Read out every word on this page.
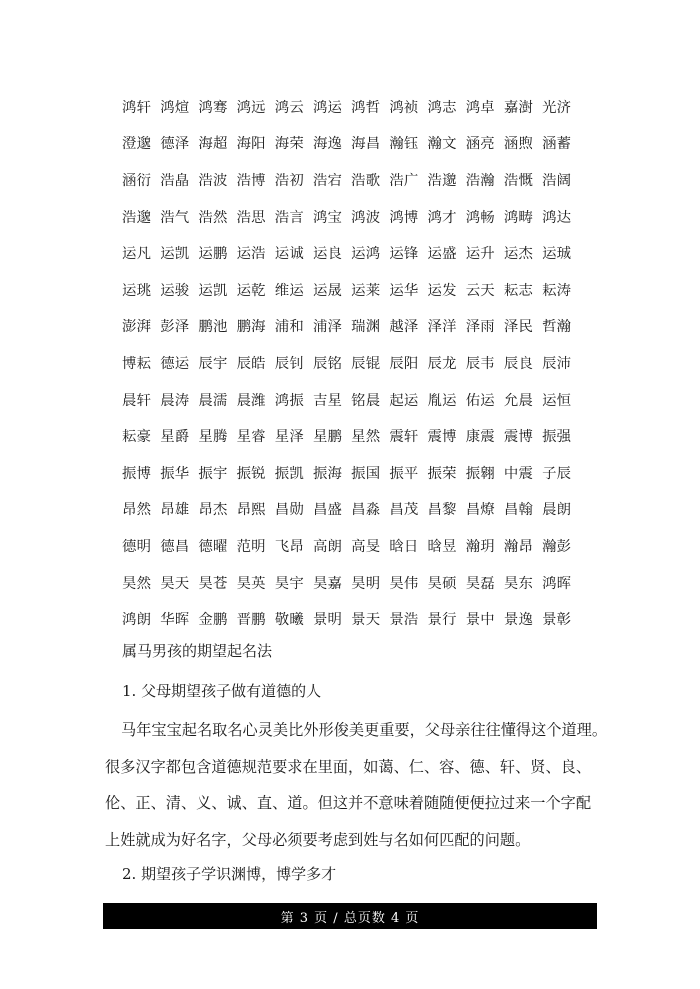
鸿轩 鸿煊 鸿骞 鸿远 鸿云 鸿运 鸿哲 鸿祯 鸿志 鸿卓 嘉澍 光济
澄邈 德泽 海超 海阳 海荣 海逸 海昌 瀚钰 瀚文 涵亮 涵煦 涵蓄
涵衍 浩皛 浩波 浩博 浩初 浩宕 浩歌 浩广 浩邈 浩瀚 浩慨 浩阔
浩邈 浩气 浩然 浩思 浩言 鸿宝 鸿波 鸿博 鸿才 鸿畅 鸿畴 鸿达
运凡 运凯 运鹏 运浩 运诚 运良 运鸿 运锋 运盛 运升 运杰 运珹
运珧 运骏 运凯 运乾 维运 运晟 运莱 运华 运发 云天 耘志 耘涛
澎湃 彭泽 鹏池 鹏海 浦和 浦泽 瑞渊 越泽 泽洋 泽雨 泽民 哲瀚
博耘 德运 辰宇 辰皓 辰钊 辰铭 辰锟 辰阳 辰龙 辰韦 辰良 辰沛
晨轩 晨涛 晨濡 晨潍 鸿振 吉星 铭晨 起运 胤运 佑运 允晨 运恒
耘豪 星爵 星腾 星睿 星泽 星鹏 星然 震轩 震博 康震 震博 振强
振博 振华 振宇 振锐 振凯 振海 振国 振平 振荣 振翱 中震 子辰
昂然 昂雄 昂杰 昂熙 昌勋 昌盛 昌淼 昌茂 昌黎 昌燎 昌翰 晨朗
德明 德昌 德曜 范明 飞昂 高朗 高旻 晗日 晗昱 瀚玥 瀚昂 瀚彭
昊然 昊天 昊苍 昊英 昊宇 昊嘉 昊明 昊伟 昊硕 昊磊 昊东 鸿晖
鸿朗 华晖 金鹏 晋鹏 敬曦 景明 景天 景浩 景行 景中 景逸 景彰
属马男孩的期望起名法
1. 父母期望孩子做有道德的人
马年宝宝起名取名心灵美比外形俊美更重要，父母亲往往懂得这个道理。
很多汉字都包含道德规范要求在里面，如蔼、仁、容、德、轩、贤、良、
伦、正、清、义、诚、直、道。但这并不意味着随随便便拉过来一个字配
上姓就成为好名字，父母必须要考虑到姓与名如何匹配的问题。
2. 期望孩子学识渊博，博学多才
第 3 页 / 总页数 4 页
